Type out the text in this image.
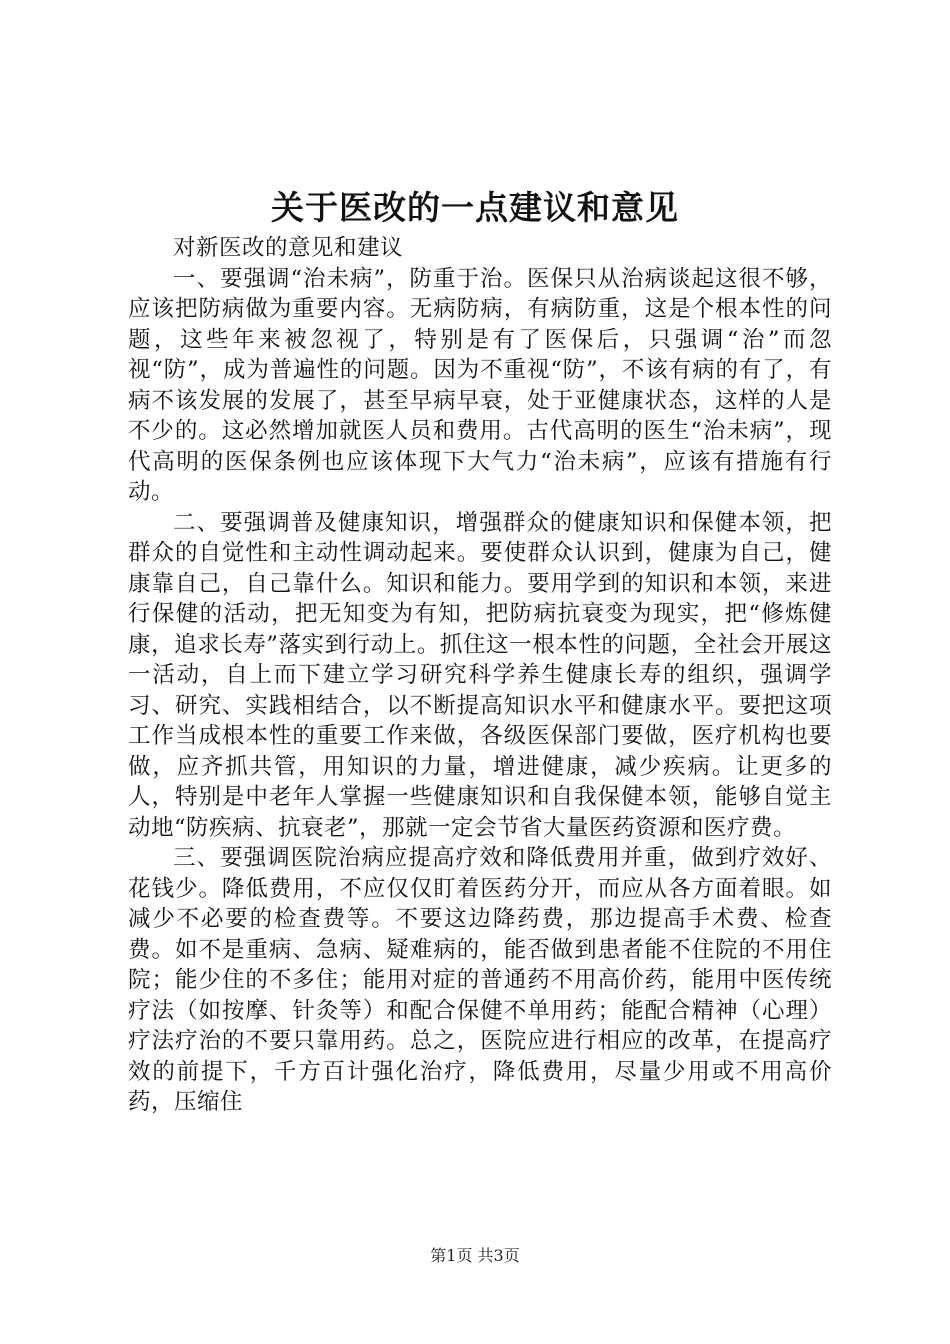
关于医改的一点建议和意见

对新医改的意见和建议

一、要强调“治未病”，防重于治。医保只从治病谈起这很不够，应该把防病做为重要内容。无病防病，有病防重，这是个根本性的问题，这些年来被忽视了，特别是有了医保后，只强调“治”而忽视“防”，成为普遍性的问题。因为不重视“防”，不该有病的有了，有病不该发展的发展了，甚至早病早衰，处于亚健康状态，这样的人是不少的。这必然增加就医人员和费用。古代高明的医生“治未病”，现代高明的医保条例也应该体现下大气力“治未病”，应该有措施有行动。

二、要强调普及健康知识，增强群众的健康知识和保健本领，把群众的自觉性和主动性调动起来。要使群众认识到，健康为自己，健康靠自己，自己靠什么。知识和能力。要用学到的知识和本领，来进行保健的活动，把无知变为有知，把防病抗衰变为现实，把“修炼健康，追求长寿”落实到行动上。抓住这一根本性的问题，全社会开展这一活动，自上而下建立学习研究科学养生健康长寿的组织，强调学习、研究、实践相结合，以不断提高知识水平和健康水平。要把这项工作当成根本性的重要工作来做，各级医保部门要做，医疗机构也要做，应齐抓共管，用知识的力量，增进健康，减少疾病。让更多的人，特别是中老年人掌握一些健康知识和自我保健本领，能够自觉主动地“防疾病、抗衰老”，那就一定会节省大量医药资源和医疗费。

三、要强调医院治病应提高疗效和降低费用并重，做到疗效好、花钱少。降低费用，不应仅仅盯着医药分开，而应从各方面着眼。如减少不必要的检查费等。不要这边降药费，那边提高手术费、检查费。如不是重病、急病、疑难病的，能否做到患者能不住院的不用住院；能少住的不多住；能用对症的普通药不用高价药，能用中医传统疗法（如按摩、针灸等）和配合保健不单用药；能配合精神（心理）疗法疗治的不要只靠用药。总之，医院应进行相应的改革，在提高疗效的前提下，千方百计强化治疗，降低费用，尽量少用或不用高价药，压缩住

第1页 共3页
